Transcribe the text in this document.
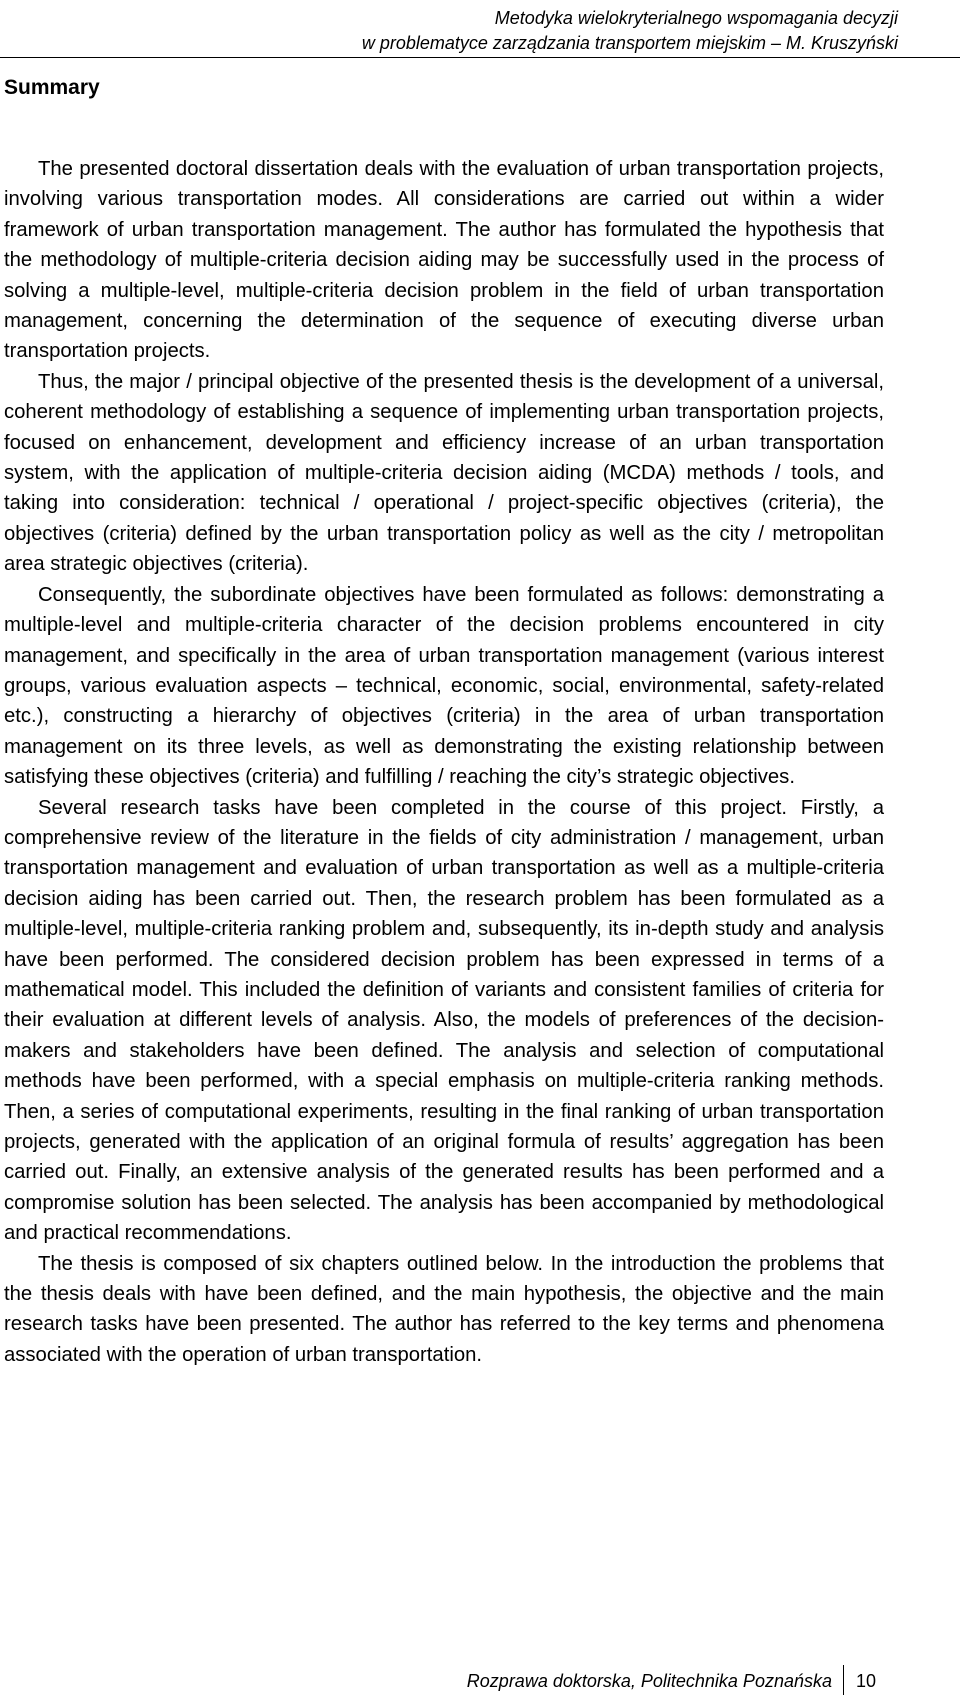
Metodyka wielokryterialnego wspomagania decyzji
w problematyce zarządzania transportem miejskim – M. Kruszyński
Summary

The presented doctoral dissertation deals with the evaluation of urban transportation projects, involving various transportation modes. All considerations are carried out within a wider framework of urban transportation management. The author has formulated the hypothesis that the methodology of multiple-criteria decision aiding may be successfully used in the process of solving a multiple-level, multiple-criteria decision problem in the field of urban transportation management, concerning the determination of the sequence of executing diverse urban transportation projects.

Thus, the major / principal objective of the presented thesis is the development of a universal, coherent methodology of establishing a sequence of implementing urban transportation projects, focused on enhancement, development and efficiency increase of an urban transportation system, with the application of multiple-criteria decision aiding (MCDA) methods / tools, and taking into consideration: technical / operational / project-specific objectives (criteria), the objectives (criteria) defined by the urban transportation policy as well as the city / metropolitan area strategic objectives (criteria).

Consequently, the subordinate objectives have been formulated as follows: demonstrating a multiple-level and multiple-criteria character of the decision problems encountered in city management, and specifically in the area of urban transportation management (various interest groups, various evaluation aspects – technical, economic, social, environmental, safety-related etc.), constructing a hierarchy of objectives (criteria) in the area of urban transportation management on its three levels, as well as demonstrating the existing relationship between satisfying these objectives (criteria) and fulfilling / reaching the city’s strategic objectives.

Several research tasks have been completed in the course of this project. Firstly, a comprehensive review of the literature in the fields of city administration / management, urban transportation management and evaluation of urban transportation as well as a multiple-criteria decision aiding has been carried out. Then, the research problem has been formulated as a multiple-level, multiple-criteria ranking problem and, subsequently, its in-depth study and analysis have been performed. The considered decision problem has been expressed in terms of a mathematical model. This included the definition of variants and consistent families of criteria for their evaluation at different levels of analysis. Also, the models of preferences of the decision-makers and stakeholders have been defined. The analysis and selection of computational methods have been performed, with a special emphasis on multiple-criteria ranking methods. Then, a series of computational experiments, resulting in the final ranking of urban transportation projects, generated with the application of an original formula of results’ aggregation has been carried out. Finally, an extensive analysis of the generated results has been performed and a compromise solution has been selected. The analysis has been accompanied by methodological and practical recommendations.

The thesis is composed of six chapters outlined below. In the introduction the problems that the thesis deals with have been defined, and the main hypothesis, the objective and the main research tasks have been presented. The author has referred to the key terms and phenomena associated with the operation of urban transportation.

Rozprawa doktorska, Politechnika Poznańska 10
